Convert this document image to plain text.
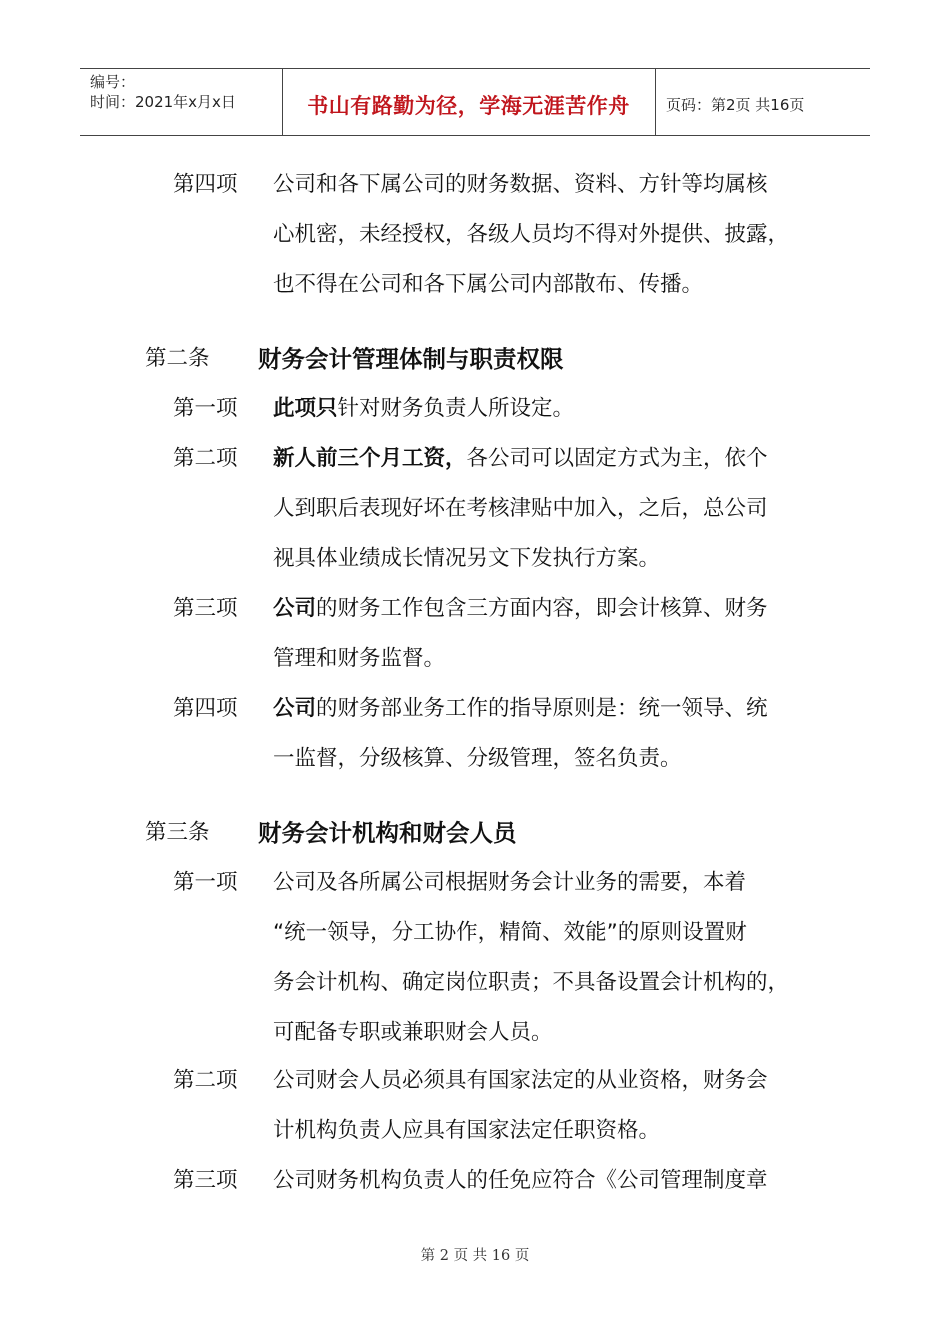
编号：
时间：2021年x月x日	书山有路勤为径，学海无涯苦作舟	页码：第2页 共16页
第四项 公司和各下属公司的财务数据、资料、方针等均属核
心机密，未经授权，各级人员均不得对外提供、披露，
也不得在公司和各下属公司内部散布、传播。
第二条 财务会计管理体制与职责权限
第一项 此项只针对财务负责人所设定。
第二项 新人前三个月工资，各公司可以固定方式为主，依个
人到职后表现好坏在考核津贴中加入，之后，总公司
视具体业绩成长情况另文下发执行方案。
第三项 公司的财务工作包含三方面内容，即会计核算、财务
管理和财务监督。
第四项 公司的财务部业务工作的指导原则是：统一领导、统
一监督，分级核算、分级管理，签名负责。
第三条 财务会计机构和财会人员
第一项 公司及各所属公司根据财务会计业务的需要，本着
“统一领导，分工协作，精简、效能”的原则设置财
务会计机构、确定岗位职责；不具备设置会计机构的，
可配备专职或兼职财会人员。
第二项 公司财会人员必须具有国家法定的从业资格，财务会
计机构负责人应具有国家法定任职资格。
第三项 公司财务机构负责人的任免应符合《公司管理制度章
第 2 页 共 16 页
